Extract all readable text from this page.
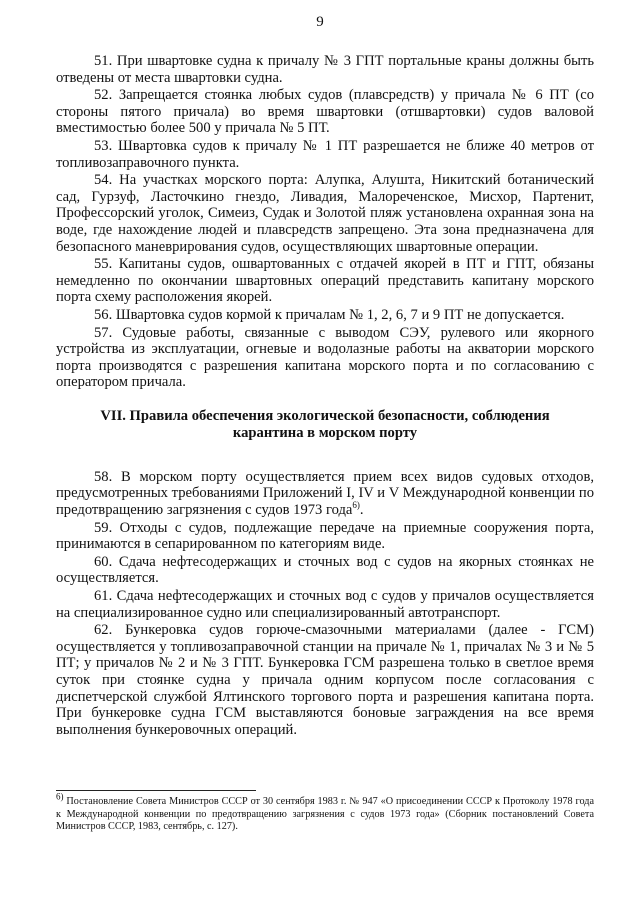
9

51. При швартовке судна к причалу № 3 ГПТ портальные краны должны быть отведены от места швартовки судна.

52. Запрещается стоянка любых судов (плавсредств) у причала № 6 ПТ (со стороны пятого причала) во время швартовки (отшвартовки) судов валовой вместимостью более 500 у причала № 5 ПТ.

53. Швартовка судов к причалу № 1 ПТ разрешается не ближе 40 метров от топливозаправочного пункта.

54. На участках морского порта: Алупка, Алушта, Никитский ботанический сад, Гурзуф, Ласточкино гнездо, Ливадия, Малореченское, Мисхор, Партенит, Профессорский уголок, Симеиз, Судак и Золотой пляж установлена охранная зона на воде, где нахождение людей и плавсредств запрещено. Эта зона предназначена для безопасного маневрирования судов, осуществляющих швартовные операции.

55. Капитаны судов, ошвартованных с отдачей якорей в ПТ и ГПТ, обязаны немедленно по окончании швартовных операций представить капитану морского порта схему расположения якорей.

56. Швартовка судов кормой к причалам № 1, 2, 6, 7 и 9 ПТ не допускается.

57. Судовые работы, связанные с выводом СЭУ, рулевого или якорного устройства из эксплуатации, огневые и водолазные работы на акватории морского порта производятся с разрешения капитана морского порта и по согласованию с оператором причала.

VII. Правила обеспечения экологической безопасности, соблюдения карантина в морском порту

58. В морском порту осуществляется прием всех видов судовых отходов, предусмотренных требованиями Приложений I, IV и V Международной конвенции по предотвращению загрязнения с судов 1973 года$^{6)}$.

59. Отходы с судов, подлежащие передаче на приемные сооружения порта, принимаются в сепарированном по категориям виде.

60. Сдача нефтесодержащих и сточных вод с судов на якорных стоянках не осуществляется.

61. Сдача нефтесодержащих и сточных вод с судов у причалов осуществляется на специализированное судно или специализированный автотранспорт.

62. Бункеровка судов горюче-смазочными материалами (далее - ГСМ) осуществляется у топливозаправочной станции на причале № 1, причалах № 3 и № 5 ПТ; у причалов № 2 и № 3 ГПТ. Бункеровка ГСМ разрешена только в светлое время суток при стоянке судна у причала одним корпусом после согласования с диспетчерской службой Ялтинского торгового порта и разрешения капитана порта. При бункеровке судна ГСМ выставляются боновые заграждения на все время выполнения бункеровочных операций.

$^{6)}$ Постановление Совета Министров СССР от 30 сентября 1983 г. № 947 «О присоединении СССР к Протоколу 1978 года к Международной конвенции по предотвращению загрязнения с судов 1973 года» (Сборник постановлений Совета Министров СССР, 1983, сентябрь, с. 127).
